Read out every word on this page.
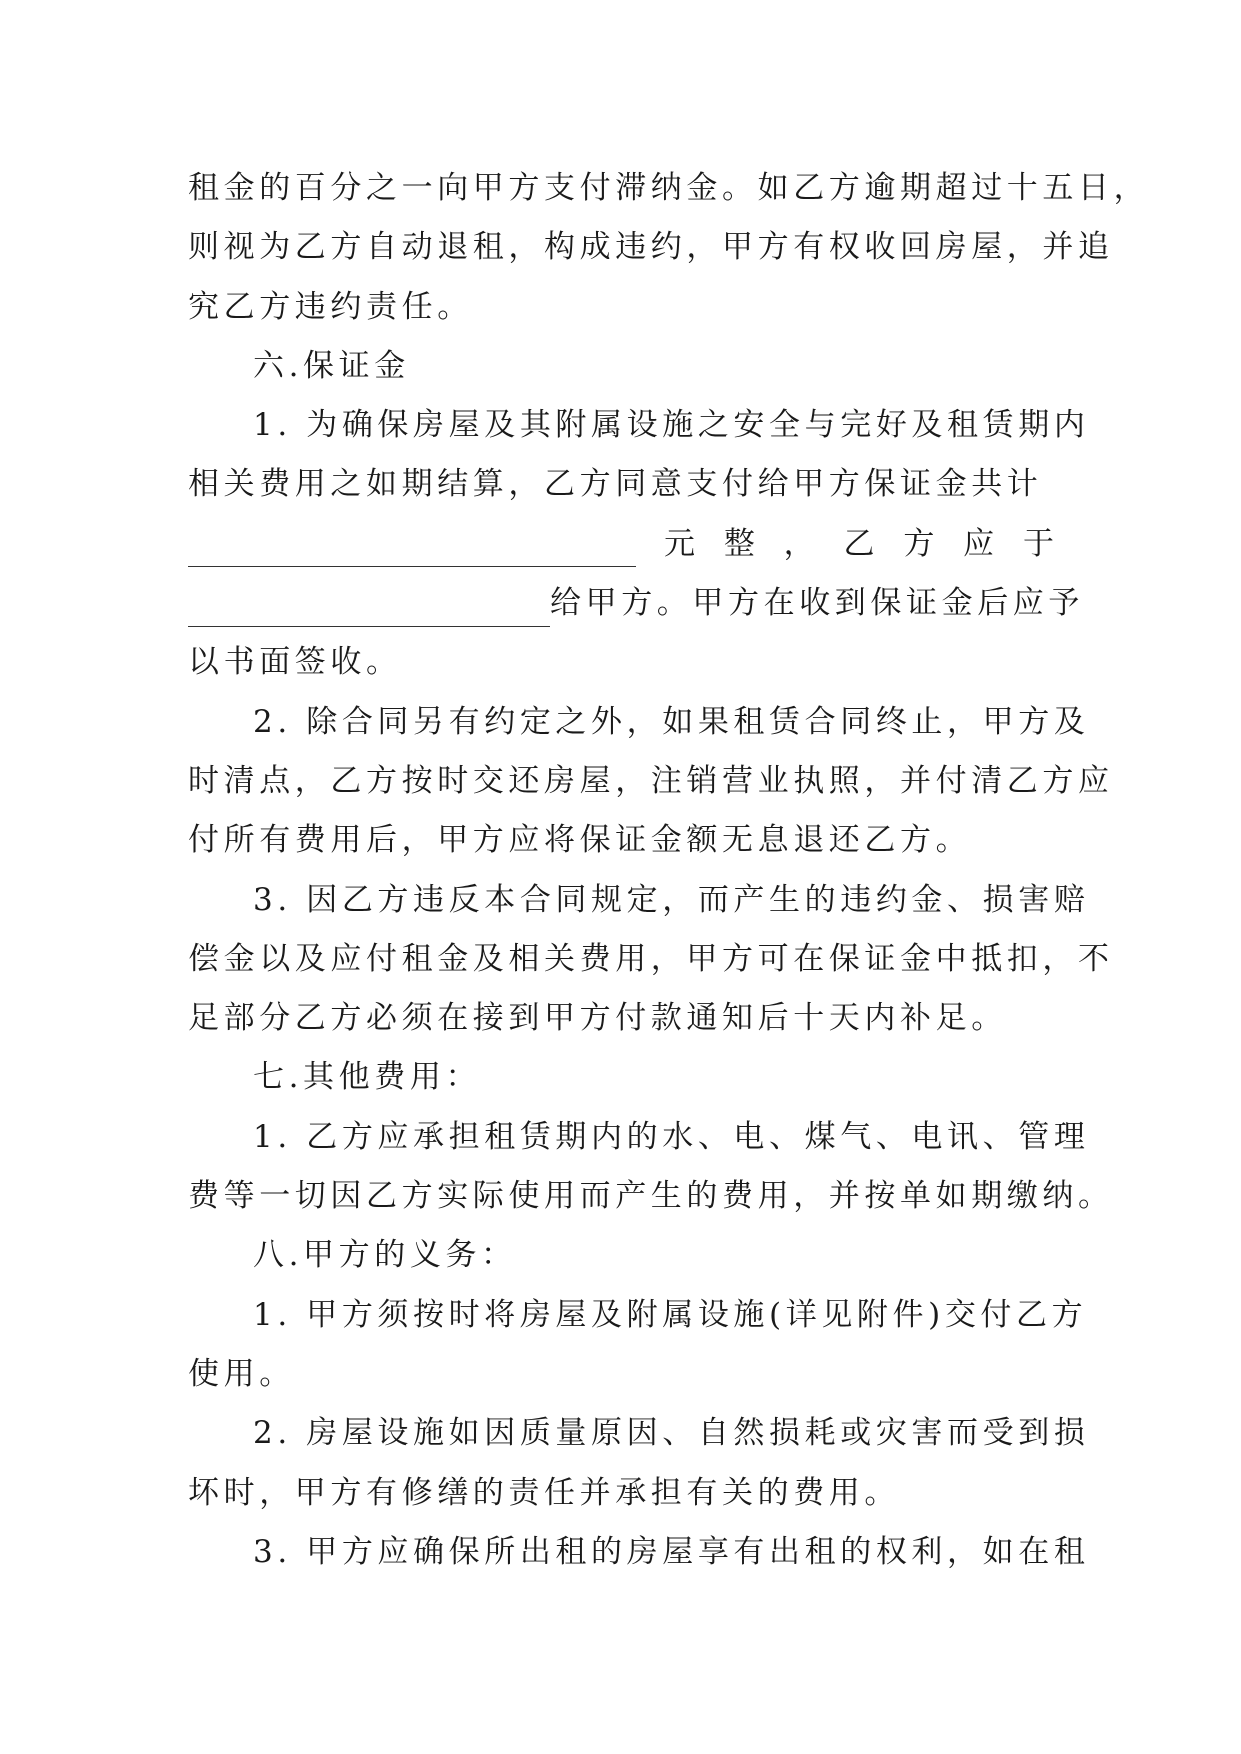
租金的百分之一向甲方支付滞纳金。如乙方逾期超过十五日，
则视为乙方自动退租，构成违约，甲方有权收回房屋，并追
究乙方违约责任。
六.保证金
1. 为确保房屋及其附属设施之安全与完好及租赁期内
相关费用之如期结算，乙方同意支付给甲方保证金共计
元 整 ， 乙 方 应 于
给甲方。甲方在收到保证金后应予
以书面签收。
2. 除合同另有约定之外，如果租赁合同终止，甲方及
时清点，乙方按时交还房屋，注销营业执照，并付清乙方应
付所有费用后，甲方应将保证金额无息退还乙方。
3. 因乙方违反本合同规定，而产生的违约金、损害赔
偿金以及应付租金及相关费用，甲方可在保证金中抵扣，不
足部分乙方必须在接到甲方付款通知后十天内补足。
七.其他费用：
1. 乙方应承担租赁期内的水、电、煤气、电讯、管理
费等一切因乙方实际使用而产生的费用，并按单如期缴纳。
八.甲方的义务：
1. 甲方须按时将房屋及附属设施(详见附件)交付乙方
使用。
2. 房屋设施如因质量原因、自然损耗或灾害而受到损
坏时，甲方有修缮的责任并承担有关的费用。
3. 甲方应确保所出租的房屋享有出租的权利，如在租
